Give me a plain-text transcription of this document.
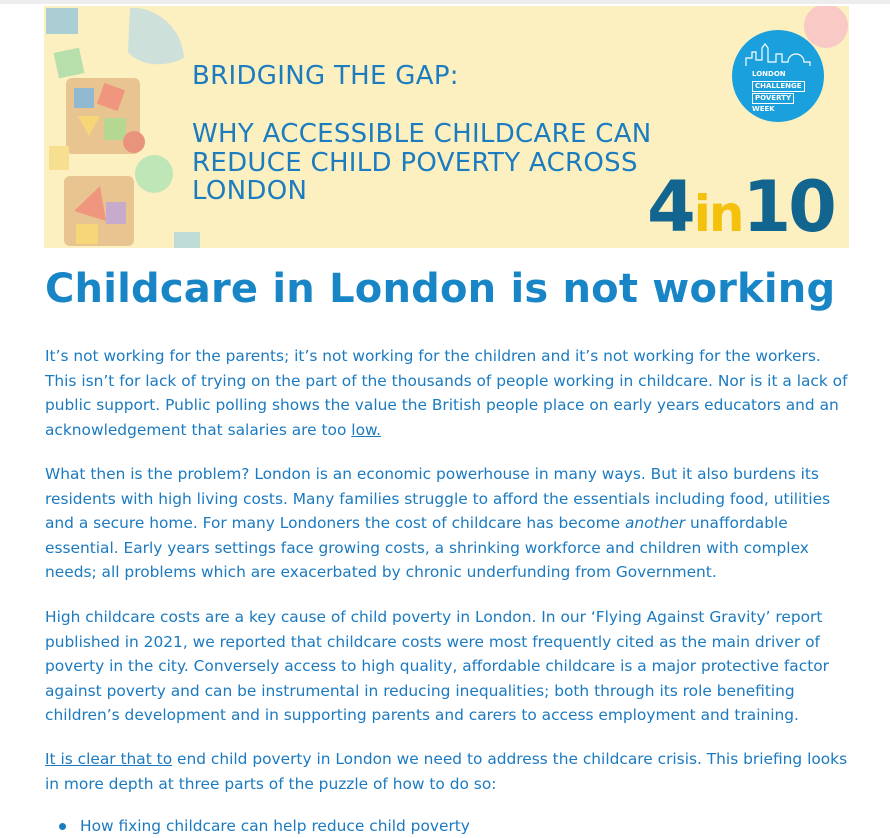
BRIDGING THE GAP:
WHY ACCESSIBLE CHILDCARE CAN
REDUCE CHILD POVERTY ACROSS
LONDON
LONDON
CHALLENGE
POVERTY
WEEK
4in10
Childcare in London is not working

It’s not working for the parents; it’s not working for the children and it’s not working for the workers. This isn’t for lack of trying on the part of the thousands of people working in childcare. Nor is it a lack of public support. Public polling shows the value the British people place on early years educators and an acknowledgement that salaries are too low.

What then is the problem? London is an economic powerhouse in many ways. But it also burdens its residents with high living costs. Many families struggle to afford the essentials including food, utilities and a secure home. For many Londoners the cost of childcare has become another unaffordable essential. Early years settings face growing costs, a shrinking workforce and children with complex needs; all problems which are exacerbated by chronic underfunding from Government.

High childcare costs are a key cause of child poverty in London. In our ‘Flying Against Gravity’ report published in 2021, we reported that childcare costs were most frequently cited as the main driver of poverty in the city. Conversely access to high quality, affordable childcare is a major protective factor against poverty and can be instrumental in reducing inequalities; both through its role benefiting children’s development and in supporting parents and carers to access employment and training.

It is clear that to end child poverty in London we need to address the childcare crisis. This briefing looks in more depth at three parts of the puzzle of how to do so:

How fixing childcare can help reduce child poverty
